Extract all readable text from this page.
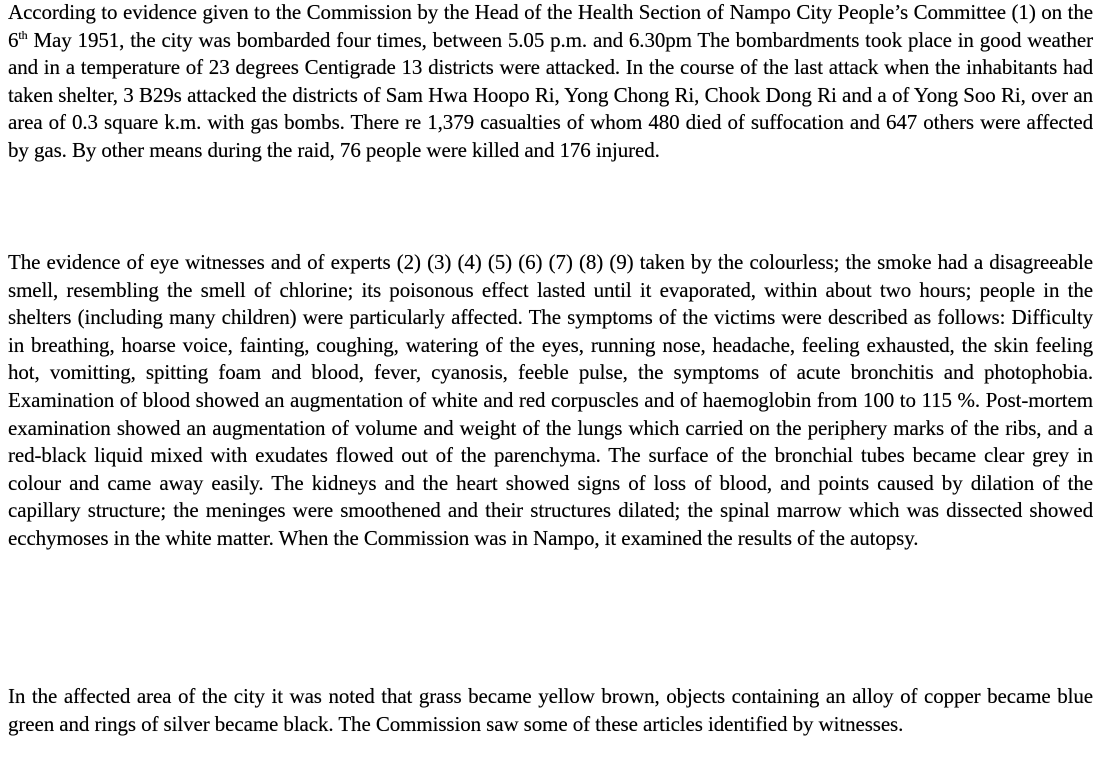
According to evidence given to the Commission by the Head of the Health Section of Nampo City People’s Committee (1) on the 6th May 1951, the city was bombarded four times, between 5.05 p.m. and 6.30pm The bombardments took place in good weather and in a temperature of 23 degrees Centigrade 13 districts were attacked. In the course of the last attack when the inhabitants had taken shelter, 3 B29s attacked the districts of Sam Hwa Hoopo Ri, Yong Chong Ri, Chook Dong Ri and a of Yong Soo Ri, over an area of 0.3 square k.m. with gas bombs. There re 1,379 casualties of whom 480 died of suffocation and 647 others were affected by gas. By other means during the raid, 76 people were killed and 176 injured.

The evidence of eye witnesses and of experts (2) (3) (4) (5) (6) (7) (8) (9) taken by the colourless; the smoke had a disagreeable smell, resembling the smell of chlorine; its poisonous effect lasted until it evaporated, within about two hours; people in the shelters (including many children) were particularly affected. The symptoms of the victims were described as follows: Difficulty in breathing, hoarse voice, fainting, coughing, watering of the eyes, running nose, headache, feeling exhausted, the skin feeling hot, vomitting, spitting foam and blood, fever, cyanosis, feeble pulse, the symptoms of acute bronchitis and photophobia. Examination of blood showed an augmentation of white and red corpuscles and of haemoglobin from 100 to 115 %. Post-mortem examination showed an augmentation of volume and weight of the lungs which carried on the periphery marks of the ribs, and a red-black liquid mixed with exudates flowed out of the parenchyma. The surface of the bronchial tubes became clear grey in colour and came away easily. The kidneys and the heart showed signs of loss of blood, and points caused by dilation of the capillary structure; the meninges were smoothened and their structures dilated; the spinal marrow which was dissected showed ecchymoses in the white matter. When the Commission was in Nampo, it examined the results of the autopsy.

In the affected area of the city it was noted that grass became yellow brown, objects containing an alloy of copper became blue green and rings of silver became black. The Commission saw some of these articles identified by witnesses.
